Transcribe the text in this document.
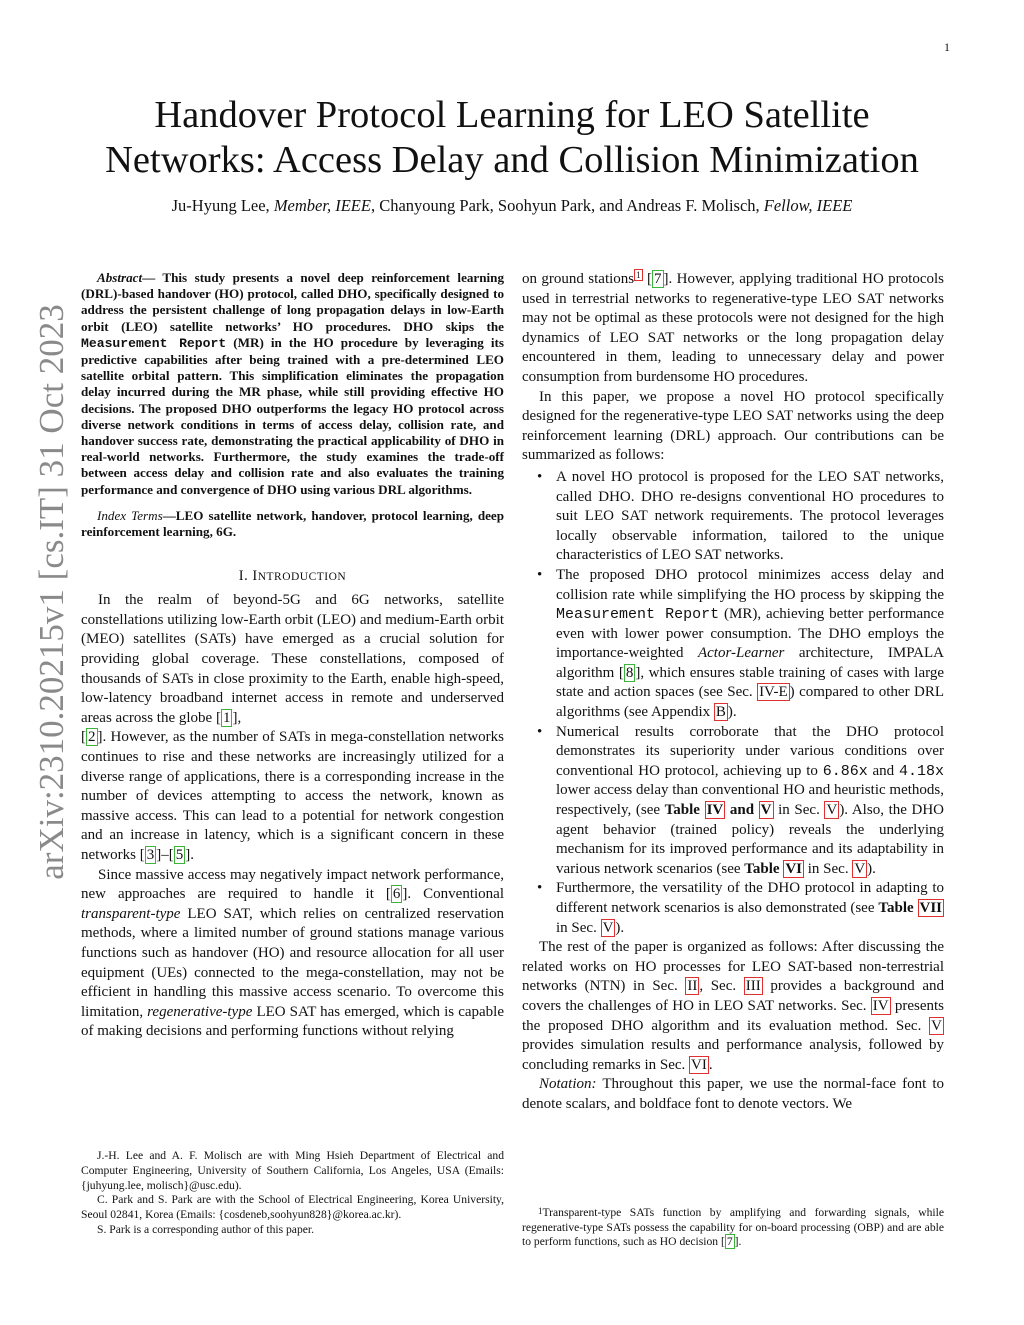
1
arXiv:2310.20215v1 [cs.IT] 31 Oct 2023
Handover Protocol Learning for LEO Satellite
Networks: Access Delay and Collision Minimization
Ju-Hyung Lee, Member, IEEE, Chanyoung Park, Soohyun Park, and Andreas F. Molisch, Fellow, IEEE

Abstract— This study presents a novel deep reinforcement learning (DRL)-based handover (HO) protocol, called DHO, specifically designed to address the persistent challenge of long propagation delays in low-Earth orbit (LEO) satellite networks’ HO procedures. DHO skips the Measurement Report (MR) in the HO procedure by leveraging its predictive capabilities after being trained with a pre-determined LEO satellite orbital pattern. This simplification eliminates the propagation delay incurred during the MR phase, while still providing effective HO decisions. The proposed DHO outperforms the legacy HO protocol across diverse network conditions in terms of access delay, collision rate, and handover success rate, demonstrating the practical applicability of DHO in real-world networks. Furthermore, the study examines the trade-off between access delay and collision rate and also evaluates the training performance and convergence of DHO using various DRL algorithms.

Index Terms—LEO satellite network, handover, protocol learning, deep reinforcement learning, 6G.

I. INTRODUCTION

In the realm of beyond-5G and 6G networks, satellite constellations utilizing low-Earth orbit (LEO) and medium-Earth orbit (MEO) satellites (SATs) have emerged as a crucial solution for providing global coverage. These constellations, composed of thousands of SATs in close proximity to the Earth, enable high-speed, low-latency broadband internet access in remote and underserved areas across the globe [ 1 ],
[ 2 ]. However, as the number of SATs in mega-constellation networks continues to rise and these networks are increasingly utilized for a diverse range of applications, there is a corresponding increase in the number of devices attempting to access the network, known as massive access. This can lead to a potential for network congestion and an increase in latency, which is a significant concern in these networks [ 3 ]–[ 5 ].

Since massive access may negatively impact network performance, new approaches are required to handle it [ 6 ]. Conventional transparent-type LEO SAT, which relies on centralized reservation methods, where a limited number of ground stations manage various functions such as handover (HO) and resource allocation for all user equipment (UEs) connected to the mega-constellation, may not be efficient in handling this massive access scenario. To overcome this limitation, regenerative-type LEO SAT has emerged, which is capable of making decisions and performing functions without relying

J.-H. Lee and A. F. Molisch are with Ming Hsieh Department of Electrical and Computer Engineering, University of Southern California, Los Angeles, USA (Emails: {juhyung.lee, molisch}@usc.edu).

C. Park and S. Park are with the School of Electrical Engineering, Korea University, Seoul 02841, Korea (Emails: {cosdeneb,soohyun828}@korea.ac.kr).

S. Park is a corresponding author of this paper.

on ground stations $^1$ [ 7 ]. However, applying traditional HO protocols used in terrestrial networks to regenerative-type LEO SAT networks may not be optimal as these protocols were not designed for the high dynamics of LEO SAT networks or the long propagation delay encountered in them, leading to unnecessary delay and power consumption from burdensome HO procedures.

In this paper, we propose a novel HO protocol specifically designed for the regenerative-type LEO SAT networks using the deep reinforcement learning (DRL) approach. Our contributions can be summarized as follows:

• A novel HO protocol is proposed for the LEO SAT networks, called DHO. DHO re-designs conventional HO procedures to suit LEO SAT network requirements. The protocol leverages locally observable information, tailored to the unique characteristics of LEO SAT networks.
• The proposed DHO protocol minimizes access delay and collision rate while simplifying the HO process by skipping the Measurement Report (MR), achieving better performance even with lower power consumption. The DHO employs the importance-weighted Actor-Learner architecture, IMPALA algorithm [ 8 ], which ensures stable training of cases with large state and action spaces (see Sec. IV-E ) compared to other DRL algorithms (see Appendix B ).
• Numerical results corroborate that the DHO protocol demonstrates its superiority under various conditions over conventional HO protocol, achieving up to 6.86x and 4.18x lower access delay than conventional HO and heuristic methods, respectively, (see Table IV and V in Sec. V ). Also, the DHO agent behavior (trained policy) reveals the underlying mechanism for its improved performance and its adaptability in various network scenarios (see Table VI in Sec. V ).
• Furthermore, the versatility of the DHO protocol in adapting to different network scenarios is also demonstrated (see Table VII in Sec. V ).

The rest of the paper is organized as follows: After discussing the related works on HO processes for LEO SAT-based non-terrestrial networks (NTN) in Sec. II , Sec. III provides a background and covers the challenges of HO in LEO SAT networks. Sec. IV presents the proposed DHO algorithm and its evaluation method. Sec. V provides simulation results and performance analysis, followed by concluding remarks in Sec. VI .

Notation: Throughout this paper, we use the normal-face font to denote scalars, and boldface font to denote vectors. We

$^1$Transparent-type SATs function by amplifying and forwarding signals, while regenerative-type SATs possess the capability for on-board processing (OBP) and are able to perform functions, such as HO decision [ 7 ].
